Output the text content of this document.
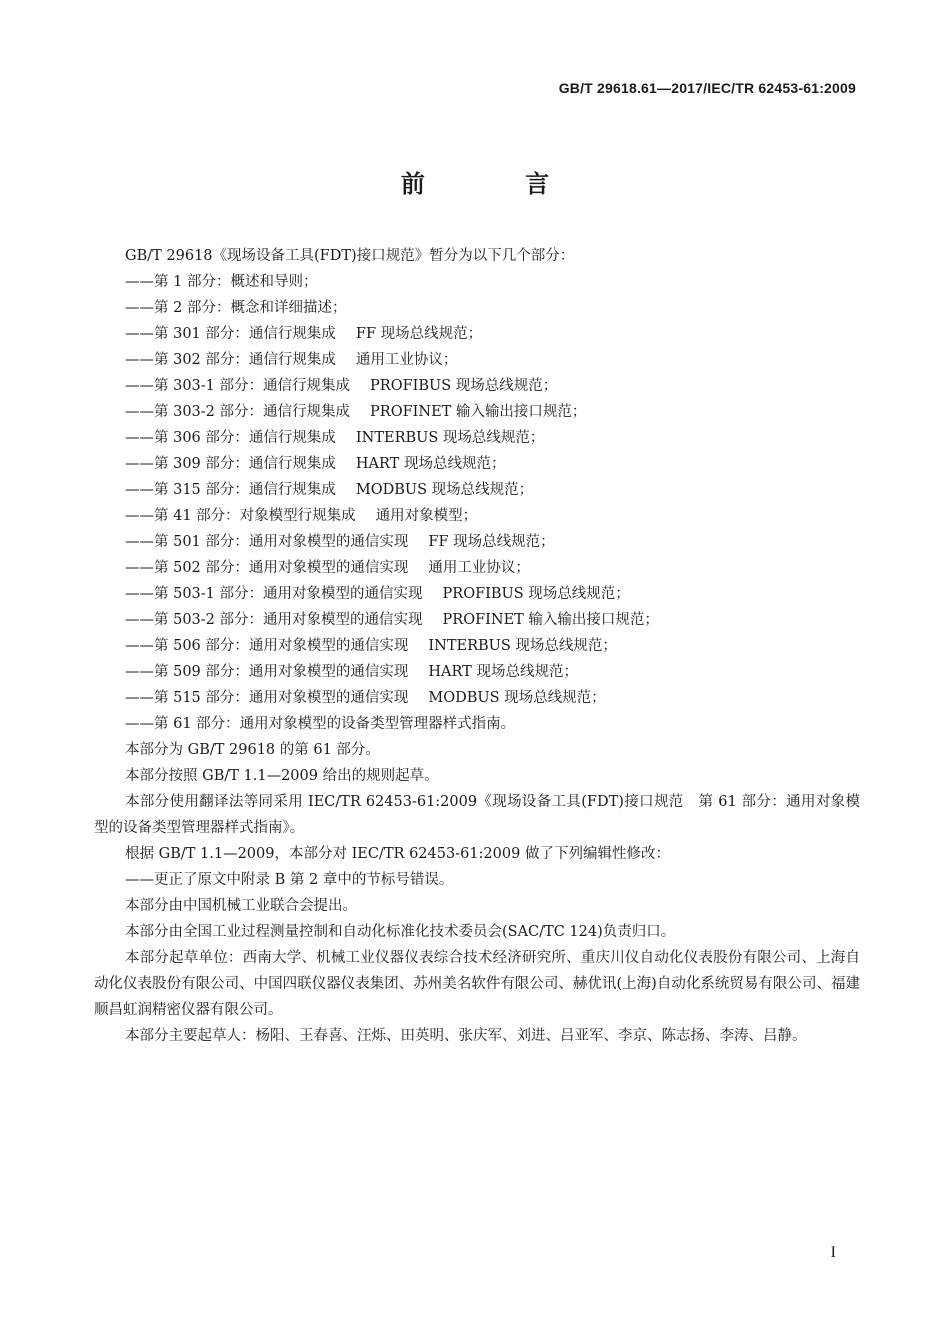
GB/T 29618.61—2017/IEC/TR 62453-61:2009
前 言

GB/T 29618《现场设备工具(FDT)接口规范》暂分为以下几个部分：

——第 1 部分：概述和导则；

——第 2 部分：概念和详细描述；

——第 301 部分：通信行规集成 FF 现场总线规范；

——第 302 部分：通信行规集成 通用工业协议；

——第 303-1 部分：通信行规集成 PROFIBUS 现场总线规范；

——第 303-2 部分：通信行规集成 PROFINET 输入输出接口规范；

——第 306 部分：通信行规集成 INTERBUS 现场总线规范；

——第 309 部分：通信行规集成 HART 现场总线规范；

——第 315 部分：通信行规集成 MODBUS 现场总线规范；

——第 41 部分：对象模型行规集成 通用对象模型；

——第 501 部分：通用对象模型的通信实现 FF 现场总线规范；

——第 502 部分：通用对象模型的通信实现 通用工业协议；

——第 503-1 部分：通用对象模型的通信实现 PROFIBUS 现场总线规范；

——第 503-2 部分：通用对象模型的通信实现 PROFINET 输入输出接口规范；

——第 506 部分：通用对象模型的通信实现 INTERBUS 现场总线规范；

——第 509 部分：通用对象模型的通信实现 HART 现场总线规范；

——第 515 部分：通用对象模型的通信实现 MODBUS 现场总线规范；

——第 61 部分：通用对象模型的设备类型管理器样式指南。

本部分为 GB/T 29618 的第 61 部分。

本部分按照 GB/T 1.1—2009 给出的规则起草。

本部分使用翻译法等同采用 IEC/TR 62453-61:2009《现场设备工具(FDT)接口规范　第 61 部分：通用对象模型的设备类型管理器样式指南》。

根据 GB/T 1.1—2009，本部分对 IEC/TR 62453-61:2009 做了下列编辑性修改：

——更正了原文中附录 B 第 2 章中的节标号错误。

本部分由中国机械工业联合会提出。

本部分由全国工业过程测量控制和自动化标准化技术委员会(SAC/TC 124)负责归口。

本部分起草单位：西南大学、机械工业仪器仪表综合技术经济研究所、重庆川仪自动化仪表股份有限公司、上海自动化仪表股份有限公司、中国四联仪器仪表集团、苏州美名软件有限公司、赫优讯(上海)自动化系统贸易有限公司、福建顺昌虹润精密仪器有限公司。

本部分主要起草人：杨阳、王春喜、汪烁、田英明、张庆军、刘进、吕亚军、李京、陈志扬、李涛、吕静。

I
